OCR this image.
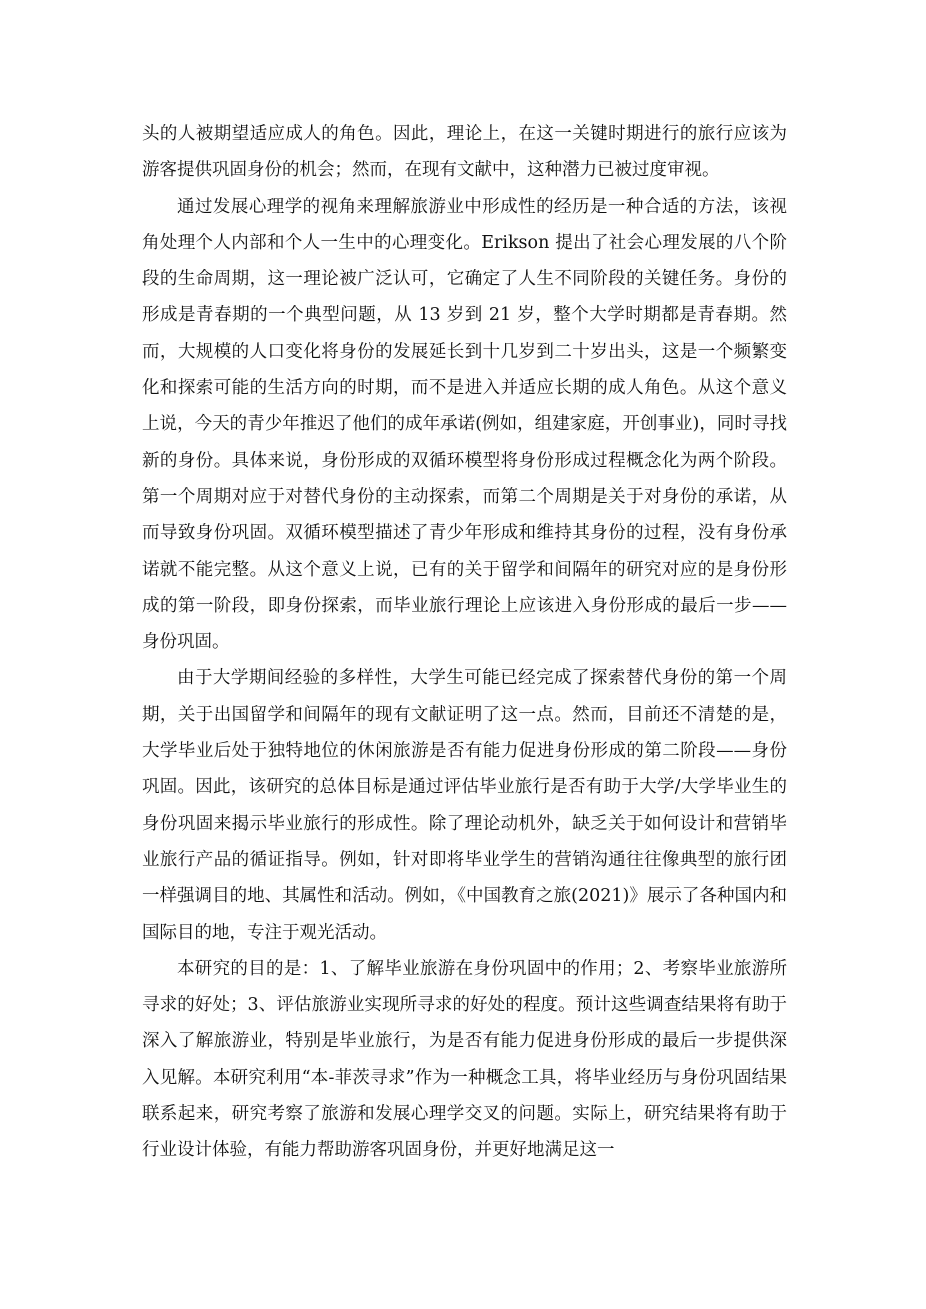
头的人被期望适应成人的角色。因此，理论上，在这一关键时期进行的旅行应该为游客提供巩固身份的机会；然而，在现有文献中，这种潜力已被过度审视。

通过发展心理学的视角来理解旅游业中形成性的经历是一种合适的方法，该视角处理个人内部和个人一生中的心理变化。Erikson 提出了社会心理发展的八个阶段的生命周期，这一理论被广泛认可，它确定了人生不同阶段的关键任务。身份的形成是青春期的一个典型问题，从 13 岁到 21 岁，整个大学时期都是青春期。然而，大规模的人口变化将身份的发展延长到十几岁到二十岁出头，这是一个频繁变化和探索可能的生活方向的时期，而不是进入并适应长期的成人角色。从这个意义上说，今天的青少年推迟了他们的成年承诺(例如，组建家庭，开创事业)，同时寻找新的身份。具体来说，身份形成的双循环模型将身份形成过程概念化为两个阶段。第一个周期对应于对替代身份的主动探索，而第二个周期是关于对身份的承诺，从而导致身份巩固。双循环模型描述了青少年形成和维持其身份的过程，没有身份承诺就不能完整。从这个意义上说，已有的关于留学和间隔年的研究对应的是身份形成的第一阶段，即身份探索，而毕业旅行理论上应该进入身份形成的最后一步——身份巩固。

由于大学期间经验的多样性，大学生可能已经完成了探索替代身份的第一个周期，关于出国留学和间隔年的现有文献证明了这一点。然而，目前还不清楚的是，大学毕业后处于独特地位的休闲旅游是否有能力促进身份形成的第二阶段——身份巩固。因此，该研究的总体目标是通过评估毕业旅行是否有助于大学/大学毕业生的身份巩固来揭示毕业旅行的形成性。除了理论动机外，缺乏关于如何设计和营销毕业旅行产品的循证指导。例如，针对即将毕业学生的营销沟通往往像典型的旅行团一样强调目的地、其属性和活动。例如，《中国教育之旅(2021)》展示了各种国内和国际目的地，专注于观光活动。

本研究的目的是：1、了解毕业旅游在身份巩固中的作用；2、考察毕业旅游所寻求的好处；3、评估旅游业实现所寻求的好处的程度。预计这些调查结果将有助于深入了解旅游业，特别是毕业旅行，为是否有能力促进身份形成的最后一步提供深入见解。本研究利用“本-菲茨寻求”作为一种概念工具，将毕业经历与身份巩固结果联系起来，研究考察了旅游和发展心理学交叉的问题。实际上，研究结果将有助于行业设计体验，有能力帮助游客巩固身份，并更好地满足这一
